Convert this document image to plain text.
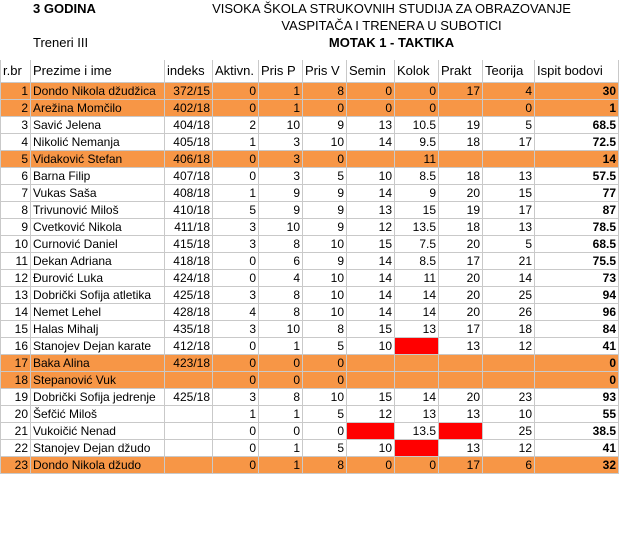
	3 GODINA	VISOKA ŠKOLA STRUKOVNIH STUDIJA ZA OBRAZOVANJE								
		VASPITAČA I TRENERA U SUBOTICI								
	Treneri III	MOTAK 1 - TAKTIKA								

r.br	Prezime i ime	indeks	Aktivn.	Pris P	Pris V	Semin	Kolok	Prakt	Teorija	Ispit bodovi
1	Dondo Nikola džudžica	372/15	0	1	8	0	0	17	4	30
2	Arežina Momčilo	402/18	0	1	0	0	0		0	1
3	Savić Jelena	404/18	2	10	9	13	10.5	19	5	68.5
4	Nikolić Nemanja	405/18	1	3	10	14	9.5	18	17	72.5
5	Vidaković Stefan	406/18	0	3	0		11			14
6	Barna Filip	407/18	0	3	5	10	8.5	18	13	57.5
7	Vukas Saša	408/18	1	9	9	14	9	20	15	77
8	Trivunović Miloš	410/18	5	9	9	13	15	19	17	87
9	Cvetković Nikola	411/18	3	10	9	12	13.5	18	13	78.5
10	Curnović Daniel	415/18	3	8	10	15	7.5	20	5	68.5
11	Dekan Adriana	418/18	0	6	9	14	8.5	17	21	75.5
12	Đurović Luka	424/18	0	4	10	14	11	20	14	73
13	Dobrički Sofija atletika	425/18	3	8	10	14	14	20	25	94
14	Nemet Lehel	428/18	4	8	10	14	14	20	26	96
15	Halas Mihalj	435/18	3	10	8	15	13	17	18	84
16	Stanojev Dejan karate	412/18	0	1	5	10		13	12	41
17	Baka Alina	423/18	0	0	0					0
18	Stepanović Vuk		0	0	0					0
19	Dobrički Sofija jedrenje	425/18	3	8	10	15	14	20	23	93
20	Šefčić Miloš		1	1	5	12	13	13	10	55
21	Vukoičić Nenad		0	0	0		13.5		25	38.5
22	Stanojev Dejan džudo		0	1	5	10		13	12	41
23	Dondo Nikola džudo		0	1	8	0	0	17	6	32
